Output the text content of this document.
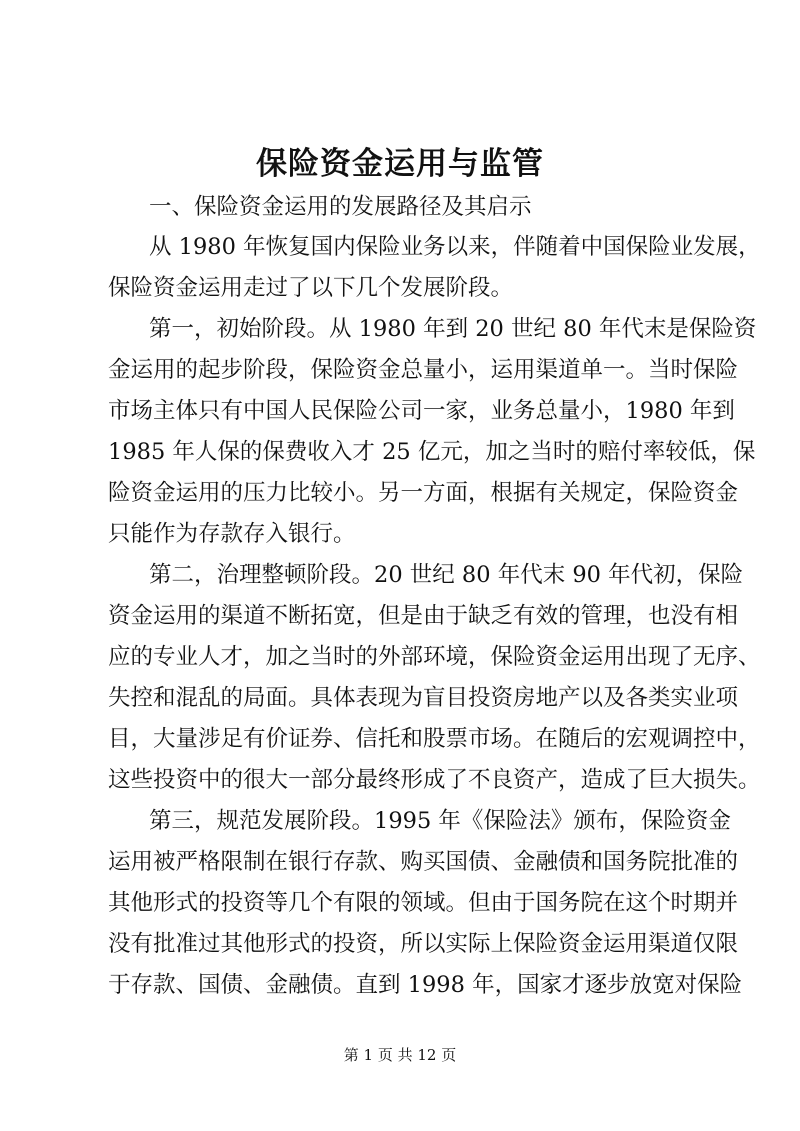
保险资金运用与监管

一、保险资金运用的发展路径及其启示

从 1980 年恢复国内保险业务以来，伴随着中国保险业发展，

保险资金运用走过了以下几个发展阶段。

第一，初始阶段。从 1980 年到 20 世纪 80 年代末是保险资

金运用的起步阶段，保险资金总量小，运用渠道单一。当时保险

市场主体只有中国人民保险公司一家，业务总量小，1980 年到

1985 年人保的保费收入才 25 亿元，加之当时的赔付率较低，保

险资金运用的压力比较小。另一方面，根据有关规定，保险资金

只能作为存款存入银行。

第二，治理整顿阶段。20 世纪 80 年代末 90 年代初，保险

资金运用的渠道不断拓宽，但是由于缺乏有效的管理，也没有相

应的专业人才，加之当时的外部环境，保险资金运用出现了无序、

失控和混乱的局面。具体表现为盲目投资房地产以及各类实业项

目，大量涉足有价证券、信托和股票市场。在随后的宏观调控中，

这些投资中的很大一部分最终形成了不良资产，造成了巨大损失。

第三，规范发展阶段。1995 年《保险法》颁布，保险资金

运用被严格限制在银行存款、购买国债、金融债和国务院批准的

其他形式的投资等几个有限的领域。但由于国务院在这个时期并

没有批准过其他形式的投资，所以实际上保险资金运用渠道仅限

于存款、国债、金融债。直到 1998 年，国家才逐步放宽对保险

第 1 页 共 12 页
